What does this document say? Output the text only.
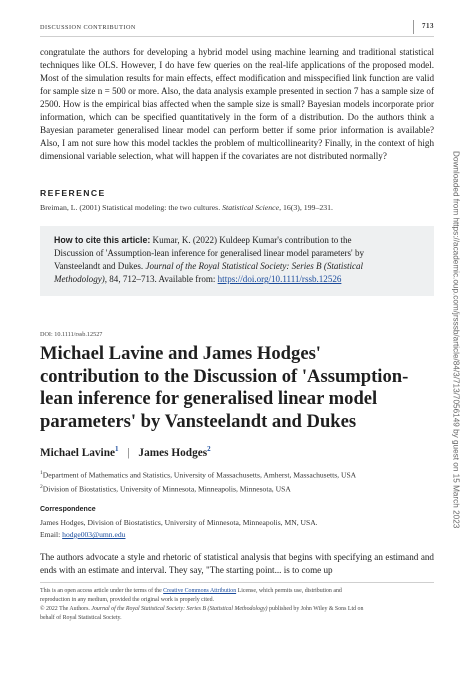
DISCUSSION CONTRIBUTION	713
congratulate the authors for developing a hybrid model using machine learning and traditional statistical techniques like OLS. However, I do have few queries on the real-life applications of the proposed model. Most of the simulation results for main effects, effect modification and misspecified link function are valid for sample size n = 500 or more. Also, the data analysis example presented in section 7 has a sample size of 2500. How is the empirical bias affected when the sample size is small? Bayesian models incorporate prior information, which can be specified quantitatively in the form of a distribution. Do the authors think a Bayesian parameter generalised linear model can perform better if some prior information is available? Also, I am not sure how this model tackles the problem of multicollinearity? Finally, in the context of high dimensional variable selection, what will happen if the covariates are not distributed normally?
REFERENCE
Breiman, L. (2001) Statistical modeling: the two cultures. Statistical Science, 16(3), 199–231.
How to cite this article: Kumar, K. (2022) Kuldeep Kumar's contribution to the
Discussion of 'Assumption-lean inference for generalised linear model parameters' by
Vansteelandt and Dukes. Journal of the Royal Statistical Society: Series B (Statistical
Methodology), 84, 712–713. Available from: https://doi.org/10.1111/rssb.12526
DOI: 10.1111/rssb.12527
Michael Lavine and James Hodges'
contribution to the Discussion of 'Assumption-
lean inference for generalised linear model
parameters' by Vansteelandt and Dukes
Michael Lavine$^1$ | James Hodges$^2$
$^1$Department of Mathematics and Statistics, University of Massachusetts, Amherst, Massachusetts, USA
$^2$Division of Biostatistics, University of Minnesota, Minneapolis, Minnesota, USA
Correspondence
James Hodges, Division of Biostatistics, University of Minnesota, Minneapolis, MN, USA.
Email: hodge003@umn.edu
The authors advocate a style and rhetoric of statistical analysis that begins with specifying an estimand and ends with an estimate and interval. They say, "The starting point... is to come up
This is an open access article under the terms of the Creative Commons Attribution License, which permits use, distribution and
reproduction in any medium, provided the original work is properly cited.
© 2022 The Authors. Journal of the Royal Statistical Society: Series B (Statistical Methodology) published by John Wiley & Sons Ltd on
behalf of Royal Statistical Society.
Downloaded from https://academic.oup.com/jrsssb/article/84/3/713/7056149 by guest on 15 March 2023
